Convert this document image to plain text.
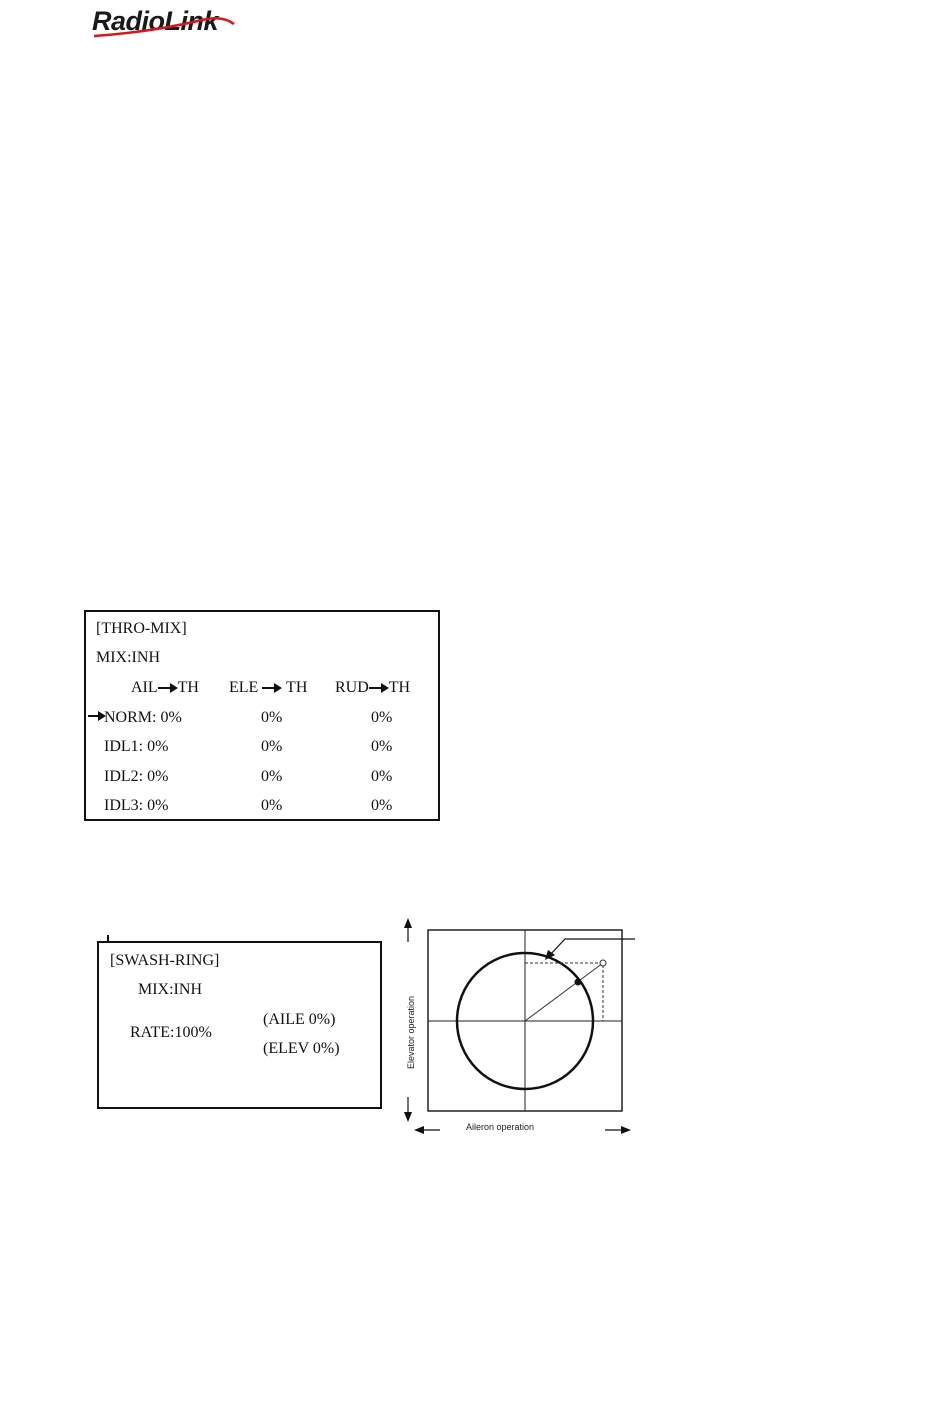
RadioLink
[THRO-MIX]
MIX:INH
AIL TH ELE TH RUD TH
NORM: 0%	0%	0%
IDL1: 0%	0%	0%
IDL2: 0%	0%	0%
IDL3: 0%	0%	0%
[SWASH-RING]
MIX:INH
RATE:100%
(AILE 0%)
(ELEV 0%)
Aileron operation
Elevator operation
